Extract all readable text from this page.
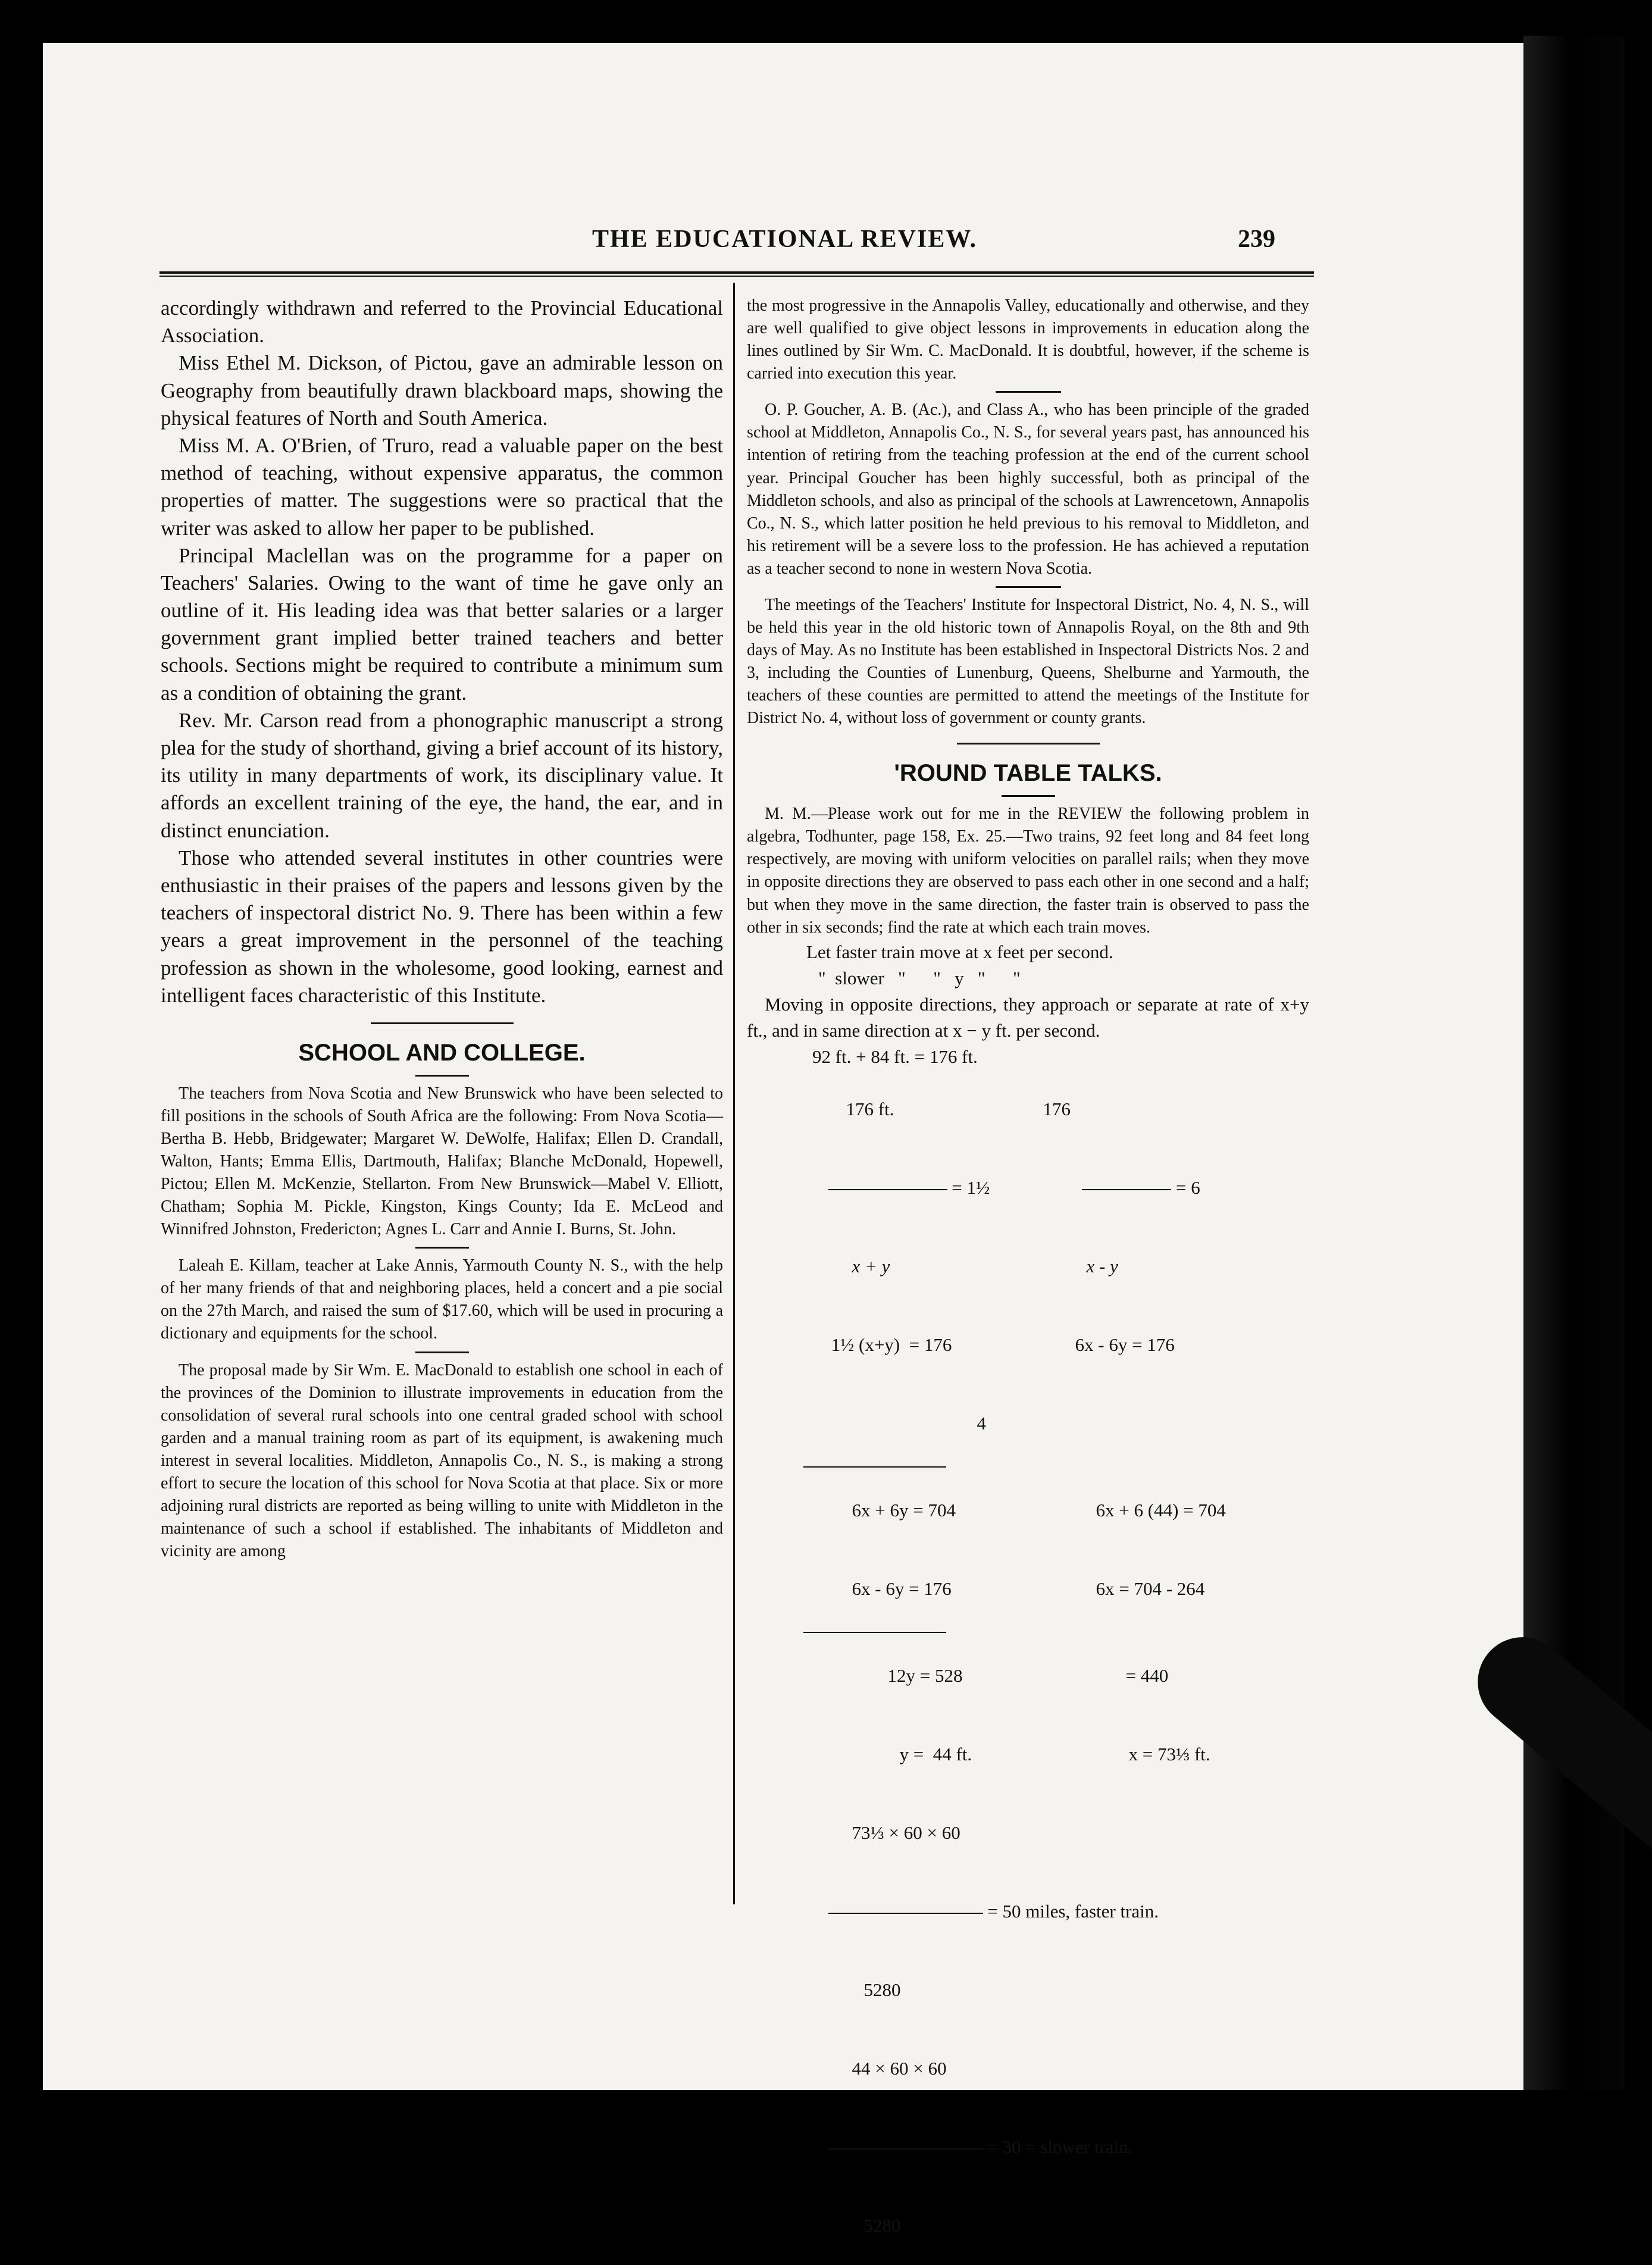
THE EDUCATIONAL REVIEW.	239

accordingly withdrawn and referred to the Provincial Educational Association.

Miss Ethel M. Dickson, of Pictou, gave an admirable lesson on Geography from beautifully drawn blackboard maps, showing the physical features of North and South America.

Miss M. A. O'Brien, of Truro, read a valuable paper on the best method of teaching, without expensive apparatus, the common properties of matter. The suggestions were so practical that the writer was asked to allow her paper to be published.

Principal Maclellan was on the programme for a paper on Teachers' Salaries. Owing to the want of time he gave only an outline of it. His leading idea was that better salaries or a larger government grant implied better trained teachers and better schools. Sections might be required to contribute a minimum sum as a condition of obtaining the grant.

Rev. Mr. Carson read from a phonographic manuscript a strong plea for the study of shorthand, giving a brief account of its history, its utility in many departments of work, its disciplinary value. It affords an excellent training of the eye, the hand, the ear, and in distinct enunciation.

Those who attended several institutes in other countries were enthusiastic in their praises of the papers and lessons given by the teachers of inspectoral district No. 9. There has been within a few years a great improvement in the personnel of the teaching profession as shown in the wholesome, good looking, earnest and intelligent faces characteristic of this Institute.

SCHOOL AND COLLEGE.

The teachers from Nova Scotia and New Brunswick who have been selected to fill positions in the schools of South Africa are the following: From Nova Scotia—Bertha B. Hebb, Bridgewater; Margaret W. DeWolfe, Halifax; Ellen D. Crandall, Walton, Hants; Emma Ellis, Dartmouth, Halifax; Blanche McDonald, Hopewell, Pictou; Ellen M. McKenzie, Stellarton. From New Brunswick—Mabel V. Elliott, Chatham; Sophia M. Pickle, Kingston, Kings County; Ida E. McLeod and Winnifred Johnston, Fredericton; Agnes L. Carr and Annie I. Burns, St. John.

Laleah E. Killam, teacher at Lake Annis, Yarmouth County N. S., with the help of her many friends of that and neighboring places, held a concert and a pie social on the 27th March, and raised the sum of $17.60, which will be used in procuring a dictionary and equipments for the school.

The proposal made by Sir Wm. E. MacDonald to establish one school in each of the provinces of the Dominion to illustrate improvements in education from the consolidation of several rural schools into one central graded school with school garden and a manual training room as part of its equipment, is awakening much interest in several localities. Middleton, Annapolis Co., N. S., is making a strong effort to secure the location of this school for Nova Scotia at that place. Six or more adjoining rural districts are reported as being willing to unite with Middleton in the maintenance of such a school if established. The inhabitants of Middleton and vicinity are among

the most progressive in the Annapolis Valley, educationally and otherwise, and they are well qualified to give object lessons in improvements in education along the lines outlined by Sir Wm. C. MacDonald. It is doubtful, however, if the scheme is carried into execution this year.

O. P. Goucher, A. B. (Ac.), and Class A., who has been principle of the graded school at Middleton, Annapolis Co., N. S., for several years past, has announced his intention of retiring from the teaching profession at the end of the current school year. Principal Goucher has been highly successful, both as principal of the Middleton schools, and also as principal of the schools at Lawrencetown, Annapolis Co., N. S., which latter position he held previous to his removal to Middleton, and his retirement will be a severe loss to the profession. He has achieved a reputation as a teacher second to none in western Nova Scotia.

The meetings of the Teachers' Institute for Inspectoral District, No. 4, N. S., will be held this year in the old historic town of Annapolis Royal, on the 8th and 9th days of May. As no Institute has been established in Inspectoral Districts Nos. 2 and 3, including the Counties of Lunenburg, Queens, Shelburne and Yarmouth, the teachers of these counties are permitted to attend the meetings of the Institute for District No. 4, without loss of government or county grants.

'ROUND TABLE TALKS.

M. M.—Please work out for me in the REVIEW the following problem in algebra, Todhunter, page 158, Ex. 25.—Two trains, 92 feet long and 84 feet long respectively, are moving with uniform velocities on parallel rails; when they move in opposite directions they are observed to pass each other in one second and a half; but when they move in the same direction, the faster train is observed to pass the other in six seconds; find the rate at which each train moves.

Let faster train move at x feet per second.
"  slower   "      "   y   "      "

Moving in opposite directions, they approach or separate at rate of x+y ft., and in same direction at x − y ft. per second.

92 ft. + 84 ft. = 176 ft.

176 ft.	176

= 1½	= 6

x + y	x - y

1½ (x+y)  = 176	6x - 6y = 176

4

6x + 6y = 704	6x + 6 (44) = 704

6x - 6y = 176	6x = 704 - 264

12y = 528	= 440

y =  44 ft.	x = 73⅓ ft.

73⅓ × 60 × 60

= 50 miles, faster train.

5280

44 × 60 × 60

= 30 = slower train.

5280
